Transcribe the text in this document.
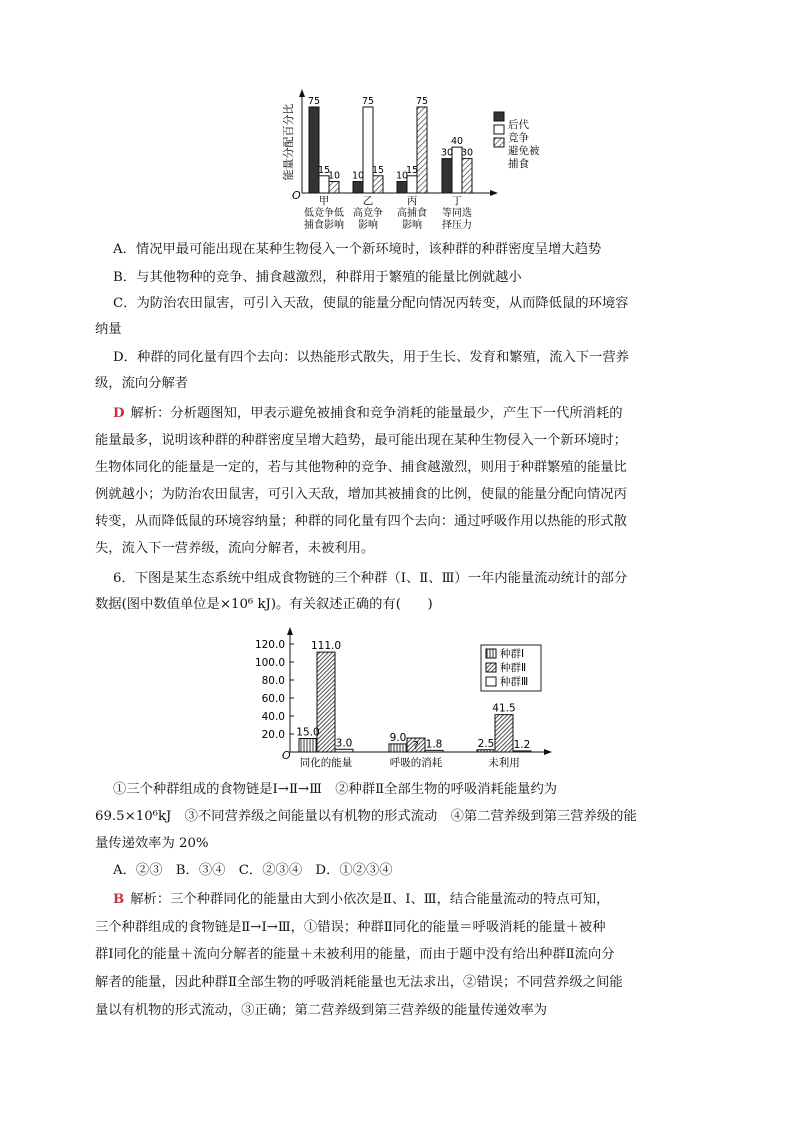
能量分配百分比
O
75
15
10
甲
低竞争低
捕食影响
10
75
15
乙
高竞争
影响
10
15
75
丙
高捕食
影响
30
40
30
丁
等同选
择压力
后代
竞争
避免被
捕食
O
20.0
40.0
60.0
80.0
100.0
120.0
15.0
111.0
3.0
同化的能量
9.0
? 1.8
呼吸的消耗
2.5
41.5
1.2
未利用
种群Ⅰ
种群Ⅱ
种群Ⅲ

A．情况甲最可能出现在某种生物侵入一个新环境时，该种群的种群密度呈增大趋势

B．与其他物种的竞争、捕食越激烈，种群用于繁殖的能量比例就越小

C．为防治农田鼠害，可引入天敌，使鼠的能量分配向情况丙转变，从而降低鼠的环境容

纳量

D．种群的同化量有四个去向：以热能形式散失，用于生长、发育和繁殖，流入下一营养

级，流向分解者

D 解析：分析题图知，甲表示避免被捕食和竞争消耗的能量最少，产生下一代所消耗的

能量最多，说明该种群的种群密度呈增大趋势，最可能出现在某种生物侵入一个新环境时；

生物体同化的能量是一定的，若与其他物种的竞争、捕食越激烈，则用于种群繁殖的能量比

例就越小；为防治农田鼠害，可引入天敌，增加其被捕食的比例，使鼠的能量分配向情况丙

转变，从而降低鼠的环境容纳量；种群的同化量有四个去向：通过呼吸作用以热能的形式散

失，流入下一营养级，流向分解者，未被利用。

6．下图是某生态系统中组成食物链的三个种群（Ⅰ、Ⅱ、Ⅲ）一年内能量流动统计的部分

数据(图中数值单位是×10⁶ kJ)。有关叙述正确的有(　　)

①三个种群组成的食物链是Ⅰ→Ⅱ→Ⅲ　②种群Ⅱ全部生物的呼吸消耗能量约为

69.5×10⁶kJ　③不同营养级之间能量以有机物的形式流动　④第二营养级到第三营养级的能

量传递效率为 20%

A．②③　B．③④　C．②③④　D．①②③④

B 解析：三个种群同化的能量由大到小依次是Ⅱ、Ⅰ、Ⅲ，结合能量流动的特点可知，

三个种群组成的食物链是Ⅱ→Ⅰ→Ⅲ，①错误；种群Ⅱ同化的能量＝呼吸消耗的能量＋被种

群Ⅰ同化的能量＋流向分解者的能量＋未被利用的能量，而由于题中没有给出种群Ⅱ流向分

解者的能量，因此种群Ⅱ全部生物的呼吸消耗能量也无法求出，②错误；不同营养级之间能

量以有机物的形式流动，③正确；第二营养级到第三营养级的能量传递效率为
